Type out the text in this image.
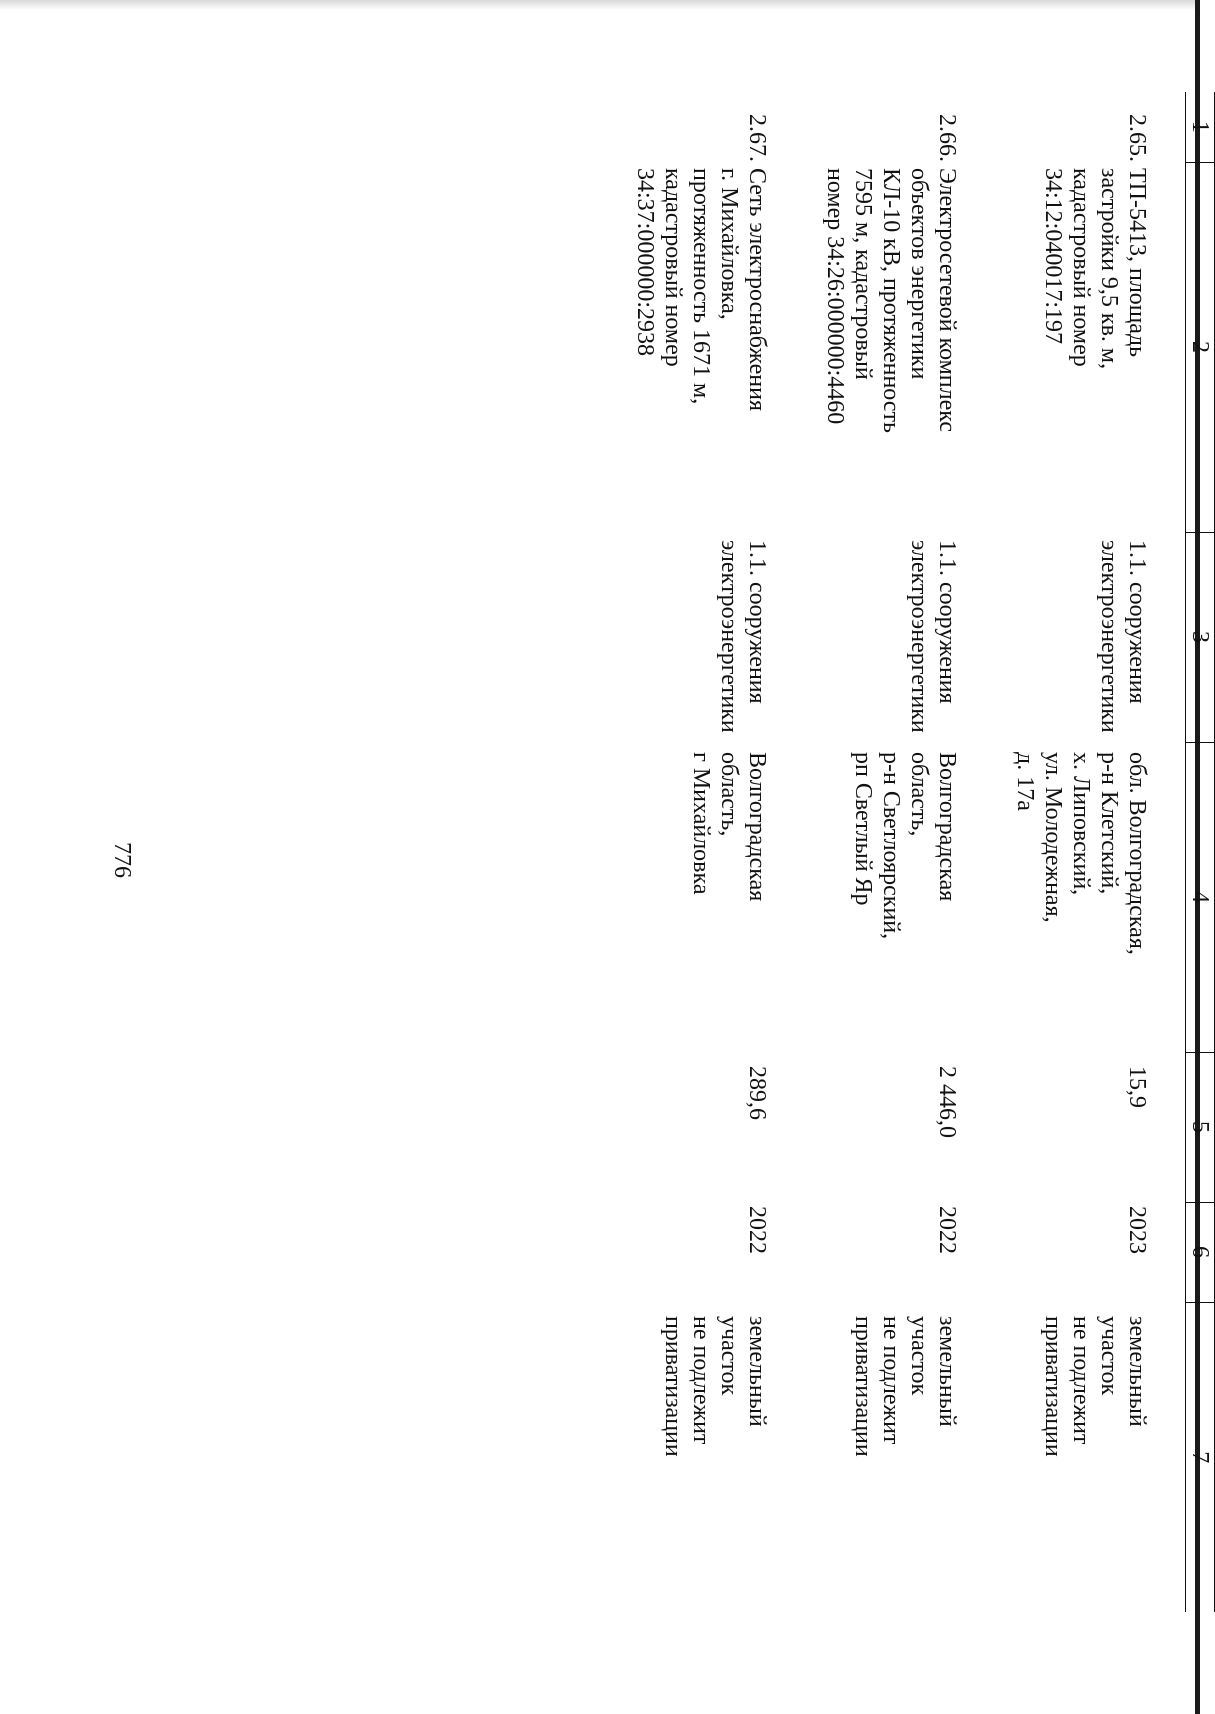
776
1	2	3	4	5	6	7
2.65.	ТП-5413, площадь
застройки 9,5 кв. м,
кадастровый номер
34:12:040017:197	1.1. сооружения
электроэнергетики	обл. Волгоградская,
р-н Клетский,
х. Липовский,
ул. Молодежная,
д. 17а	15,9	2023	земельный
участок
не подлежит
приватизации

2.66.	Электросетевой комплекс
объектов энергетики
КЛ-10 кВ, протяженность
7595 м, кадастровый
номер 34:26:000000:4460	1.1. сооружения
электроэнергетики	Волгоградская
область,
р-н Светлоярский,
рп Светлый Яр	2 446,0	2022	земельный
участок
не подлежит
приватизации

2.67.	Сеть электроснабжения
г. Михайловка,
протяженность 1671 м,
кадастровый номер
34:37:000000:2938	1.1. сооружения
электроэнергетики	Волгоградская
область,
г Михайловка	289,6	2022	земельный
участок
не подлежит
приватизации
